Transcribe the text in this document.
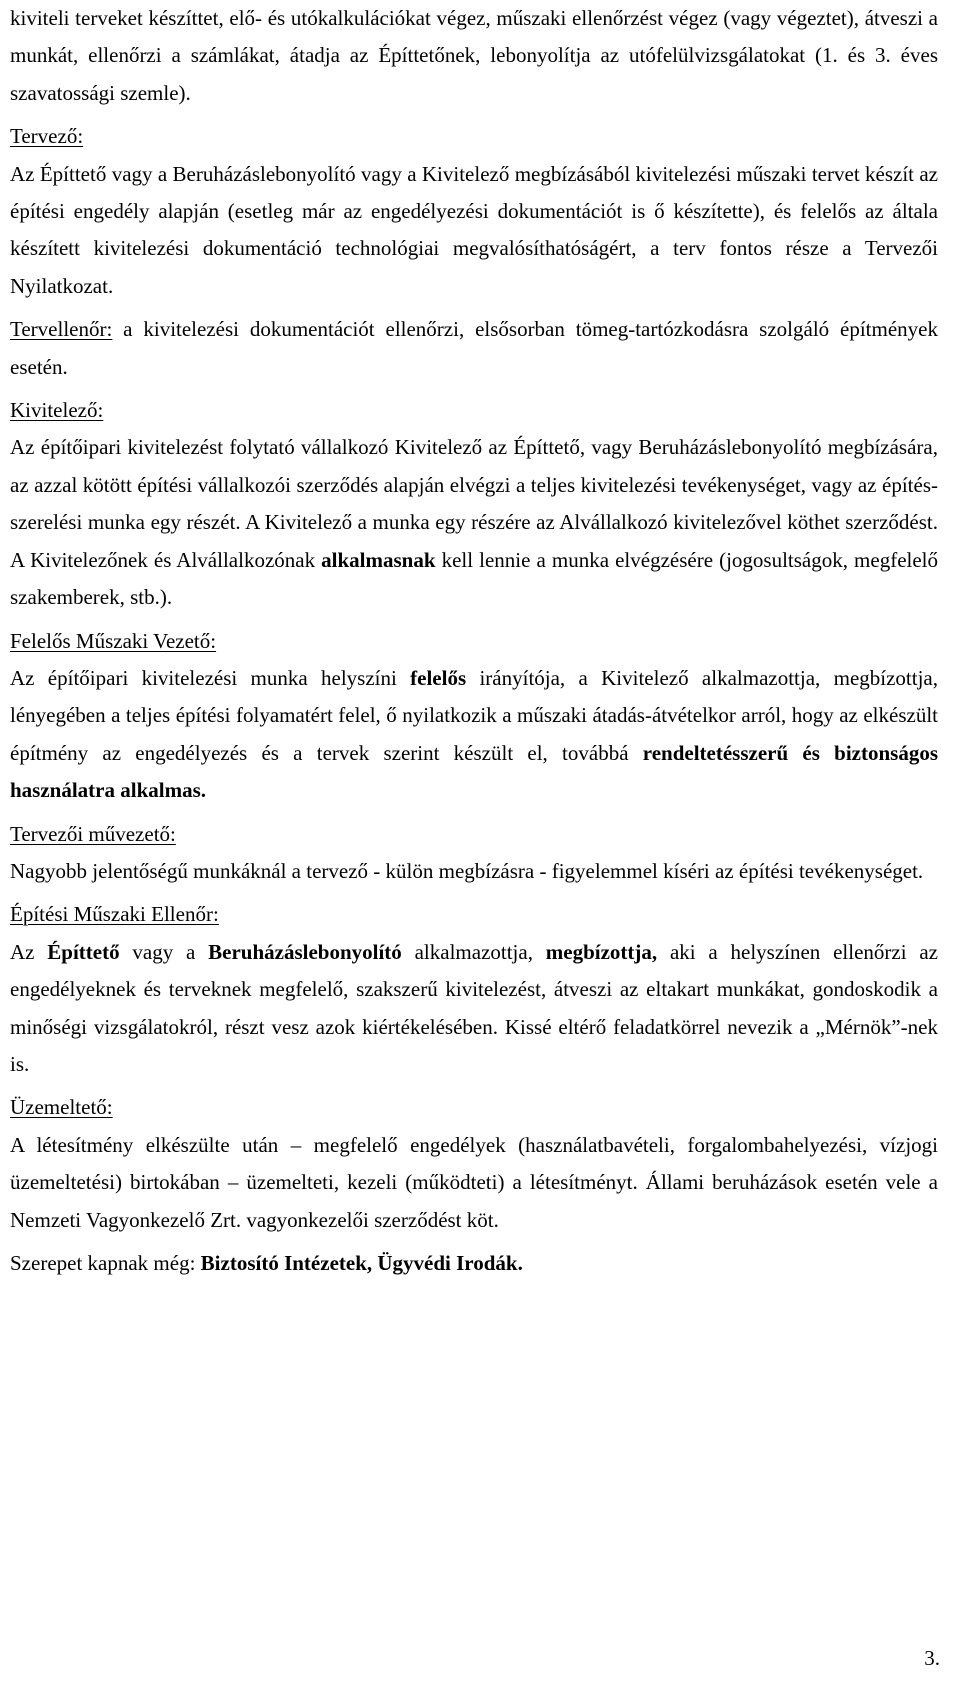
kiviteli terveket készíttet, elő- és utókalkulációkat végez, műszaki ellenőrzést végez (vagy végeztet), átveszi a munkát, ellenőrzi a számlákat, átadja az Építtetőnek, lebonyolítja az utófelülvizsgálatokat (1. és 3. éves szavatossági szemle).

Tervező:

Az Építtető vagy a Beruházáslebonyolító vagy a Kivitelező megbízásából kivitelezési műszaki tervet készít az építési engedély alapján (esetleg már az engedélyezési dokumentációt is ő készítette), és felelős az általa készített kivitelezési dokumentáció technológiai megvalósíthatóságért, a terv fontos része a Tervezői Nyilatkozat.

Tervellenőr: a kivitelezési dokumentációt ellenőrzi, elsősorban tömeg-tartózkodásra szolgáló építmények esetén.

Kivitelező:

Az építőipari kivitelezést folytató vállalkozó Kivitelező az Építtető, vagy Beruházáslebonyolító megbízására, az azzal kötött építési vállalkozói szerződés alapján elvégzi a teljes kivitelezési tevékenységet, vagy az építés-szerelési munka egy részét. A Kivitelező a munka egy részére az Alvállalkozó kivitelezővel köthet szerződést. A Kivitelezőnek és Alvállalkozónak alkalmasnak kell lennie a munka elvégzésére (jogosultságok, megfelelő szakemberek, stb.).

Felelős Műszaki Vezető:

Az építőipari kivitelezési munka helyszíni felelős irányítója, a Kivitelező alkalmazottja, megbízottja, lényegében a teljes építési folyamatért felel, ő nyilatkozik a műszaki átadás-átvételkor arról, hogy az elkészült építmény az engedélyezés és a tervek szerint készült el, továbbá rendeltetésszerű és biztonságos használatra alkalmas.

Tervezői művezető:

Nagyobb jelentőségű munkáknál a tervező - külön megbízásra - figyelemmel kíséri az építési tevékenységet.

Építési Műszaki Ellenőr:

Az Építtető vagy a Beruházáslebonyolító alkalmazottja, megbízottja, aki a helyszínen ellenőrzi az engedélyeknek és terveknek megfelelő, szakszerű kivitelezést, átveszi az eltakart munkákat, gondoskodik a minőségi vizsgálatokról, részt vesz azok kiértékelésében. Kissé eltérő feladatkörrel nevezik a „Mérnök”-nek is.

Üzemeltető:

A létesítmény elkészülte után – megfelelő engedélyek (használatbavételi, forgalombahelyezési, vízjogi üzemeltetési) birtokában – üzemelteti, kezeli (működteti) a létesítményt. Állami beruházások esetén vele a Nemzeti Vagyonkezelő Zrt. vagyonkezelői szerződést köt.

Szerepet kapnak még: Biztosító Intézetek, Ügyvédi Irodák.

3.
